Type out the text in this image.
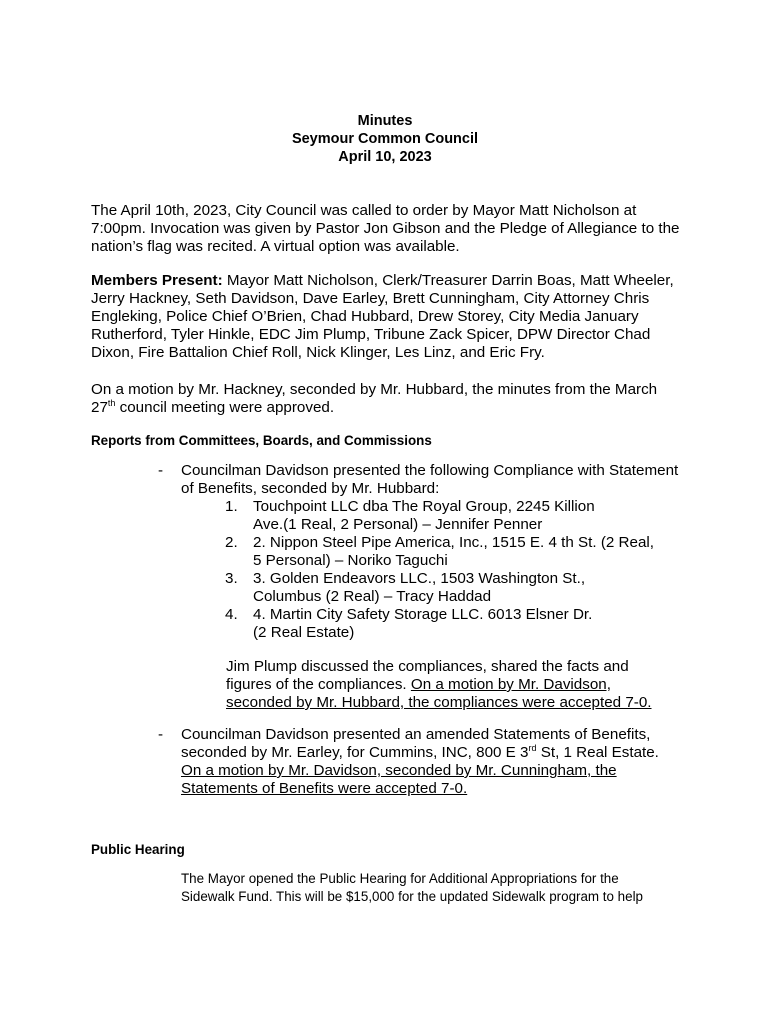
Minutes
Seymour Common Council
April 10, 2023
The April 10th, 2023, City Council was called to order by Mayor Matt Nicholson at
7:00pm. Invocation was given by Pastor Jon Gibson and the Pledge of Allegiance to the
nation’s flag was recited. A virtual option was available.
Members Present: Mayor Matt Nicholson, Clerk/Treasurer Darrin Boas, Matt Wheeler,
Jerry Hackney, Seth Davidson, Dave Earley, Brett Cunningham, City Attorney Chris
Engleking, Police Chief O’Brien, Chad Hubbard, Drew Storey, City Media January
Rutherford, Tyler Hinkle, EDC Jim Plump, Tribune Zack Spicer, DPW Director Chad
Dixon, Fire Battalion Chief Roll, Nick Klinger, Les Linz, and Eric Fry.
On a motion by Mr. Hackney, seconded by Mr. Hubbard, the minutes from the March
27th council meeting were approved.
Reports from Committees, Boards, and Commissions
- Councilman Davidson presented the following Compliance with Statement
of Benefits, seconded by Mr. Hubbard:
1. Touchpoint LLC dba The Royal Group, 2245 Killion
Ave.(1 Real, 2 Personal) – Jennifer Penner
2. 2. Nippon Steel Pipe America, Inc., 1515 E. 4 th St. (2 Real,
5 Personal) – Noriko Taguchi
3. 3. Golden Endeavors LLC., 1503 Washington St.,
Columbus (2 Real) – Tracy Haddad
4. 4. Martin City Safety Storage LLC. 6013 Elsner Dr.
(2 Real Estate)
Jim Plump discussed the compliances, shared the facts and
figures of the compliances. On a motion by Mr. Davidson,
seconded by Mr. Hubbard, the compliances were accepted 7-0.
- Councilman Davidson presented an amended Statements of Benefits,
seconded by Mr. Earley, for Cummins, INC, 800 E 3rd St, 1 Real Estate.
On a motion by Mr. Davidson, seconded by Mr. Cunningham, the
Statements of Benefits were accepted 7-0.
Public Hearing
The Mayor opened the Public Hearing for Additional Appropriations for the
Sidewalk Fund. This will be $15,000 for the updated Sidewalk program to help
